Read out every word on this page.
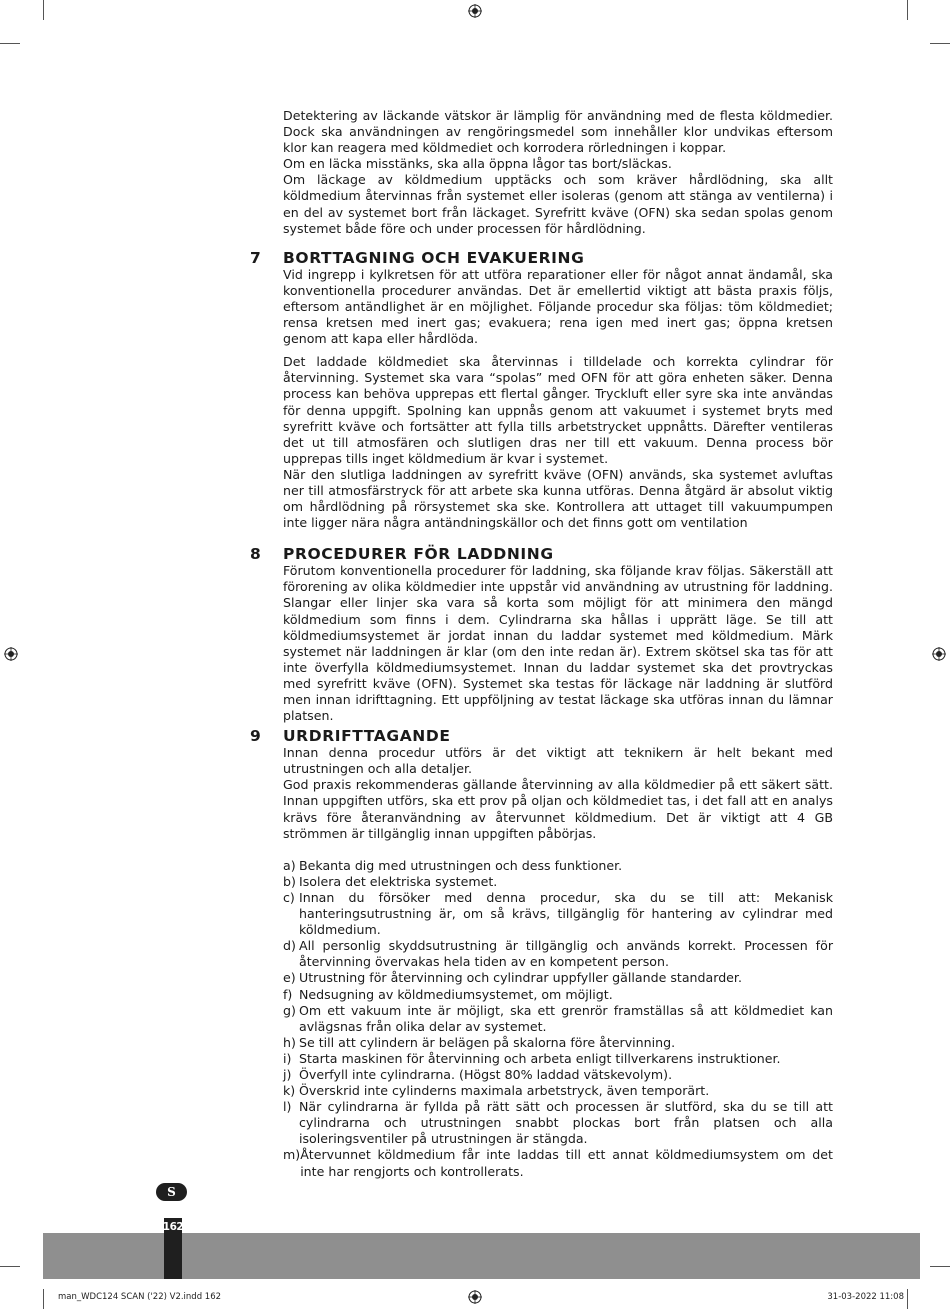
Detektering av läckande vätskor är lämplig för användning med de flesta köldmedier. Dock ska användningen av rengöringsmedel som innehåller klor undvikas eftersom klor kan reagera med köldmediet och korrodera rörledningen i koppar.

Om en läcka misstänks, ska alla öppna lågor tas bort/släckas.

Om läckage av köldmedium upptäcks och som kräver hårdlödning, ska allt köldmedium återvinnas från systemet eller isoleras (genom att stänga av ventilerna) i en del av systemet bort från läckaget. Syrefritt kväve (OFN) ska sedan spolas genom systemet både före och under processen för hårdlödning.

7	BORTTAGNING OCH EVAKUERING

Vid ingrepp i kylkretsen för att utföra reparationer eller för något annat ändamål, ska konventionella procedurer användas. Det är emellertid viktigt att bästa praxis följs, eftersom antändlighet är en möjlighet. Följande procedur ska följas: töm köldmediet; rensa kretsen med inert gas; evakuera; rena igen med inert gas; öppna kretsen genom att kapa eller hårdlöda.

Det laddade köldmediet ska återvinnas i tilldelade och korrekta cylindrar för återvinning. Systemet ska vara “spolas” med OFN för att göra enheten säker. Denna process kan behöva upprepas ett flertal gånger. Tryckluft eller syre ska inte användas för denna uppgift. Spolning kan uppnås genom att vakuumet i systemet bryts med syrefritt kväve och fortsätter att fylla tills arbetstrycket uppnåtts. Därefter ventileras det ut till atmosfären och slutligen dras ner till ett vakuum. Denna process bör upprepas tills inget köldmedium är kvar i systemet.

När den slutliga laddningen av syrefritt kväve (OFN) används, ska systemet avluftas ner till atmosfärstryck för att arbete ska kunna utföras. Denna åtgärd är absolut viktig om hårdlödning på rörsystemet ska ske. Kontrollera att uttaget till vakuumpumpen inte ligger nära några antändningskällor och det finns gott om ventilation

8	PROCEDURER FÖR LADDNING

Förutom konventionella procedurer för laddning, ska följande krav följas. Säkerställ att förorening av olika köldmedier inte uppstår vid användning av utrustning för laddning. Slangar eller linjer ska vara så korta som möjligt för att minimera den mängd köldmedium som finns i dem. Cylindrarna ska hållas i upprätt läge. Se till att köldmediumsystemet är jordat innan du laddar systemet med köldmedium. Märk systemet när laddningen är klar (om den inte redan är). Extrem skötsel ska tas för att inte överfylla köldmediumsystemet. Innan du laddar systemet ska det provtryckas med syrefritt kväve (OFN). Systemet ska testas för läckage när laddning är slutförd men innan idrifttagning. Ett uppföljning av testat läckage ska utföras innan du lämnar platsen.

9	URDRIFTTAGANDE

Innan denna procedur utförs är det viktigt att teknikern är helt bekant med utrustningen och alla detaljer.

God praxis rekommenderas gällande återvinning av alla köldmedier på ett säkert sätt. Innan uppgiften utförs, ska ett prov på oljan och köldmediet tas, i det fall att en analys krävs före återanvändning av återvunnet köldmedium. Det är viktigt att 4 GB strömmen är tillgänglig innan uppgiften påbörjas.

a) Bekanta dig med utrustningen och dess funktioner.
b) Isolera det elektriska systemet.
c) Innan du försöker med denna procedur, ska du se till att: Mekanisk hanteringsutrustning är, om så krävs, tillgänglig för hantering av cylindrar med köldmedium.
d) All personlig skyddsutrustning är tillgänglig och används korrekt. Processen för återvinning övervakas hela tiden av en kompetent person.
e) Utrustning för återvinning och cylindrar uppfyller gällande standarder.
f) Nedsugning av köldmediumsystemet, om möjligt.
g) Om ett vakuum inte är möjligt, ska ett grenrör framställas så att köldmediet kan avlägsnas från olika delar av systemet.
h) Se till att cylindern är belägen på skalorna före återvinning.
i) Starta maskinen för återvinning och arbeta enligt tillverkarens instruktioner.
j) Överfyll inte cylindrarna. (Högst 80% laddad vätskevolym).
k) Överskrid inte cylinderns maximala arbetstryck, även temporärt.
l) När cylindrarna är fyllda på rätt sätt och processen är slutförd, ska du se till att cylindrarna och utrustningen snabbt plockas bort från platsen och alla isoleringsventiler på utrustningen är stängda.
m) Återvunnet köldmedium får inte laddas till ett annat köldmediumsystem om det inte har rengjorts och kontrollerats.
S
162
man_WDC124 SCAN ('22) V2.indd 162	31-03-2022 11:08
